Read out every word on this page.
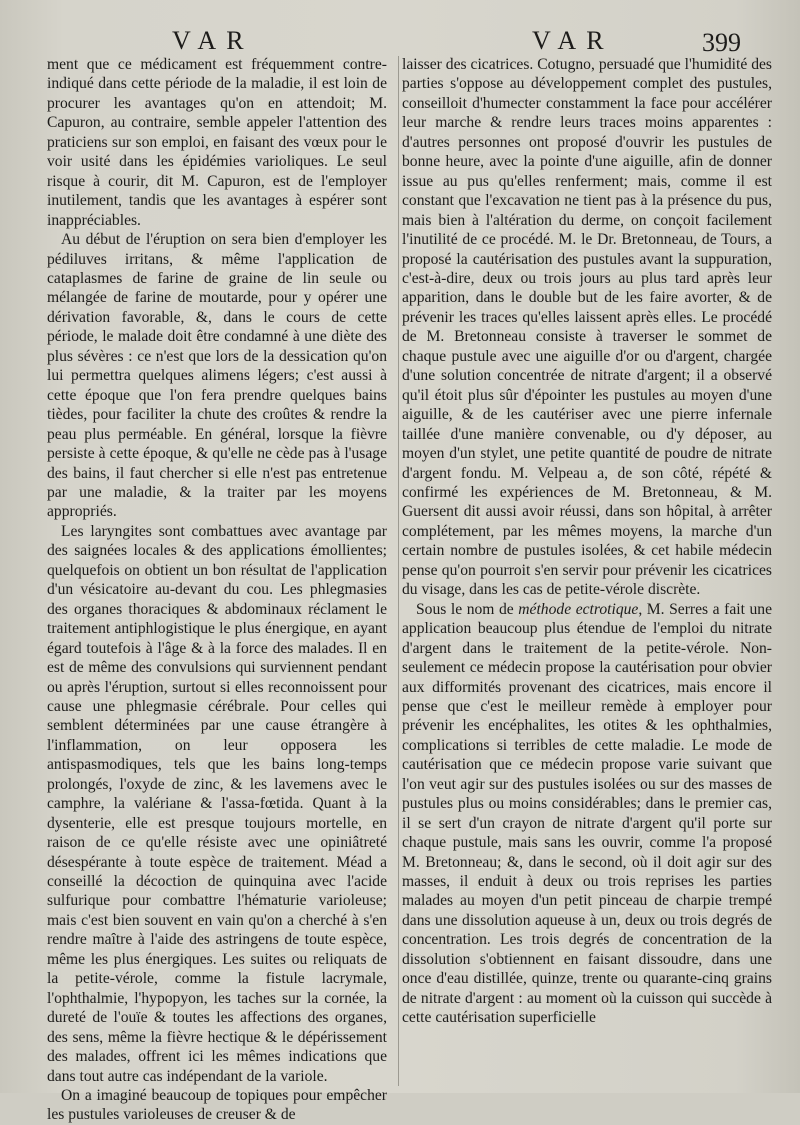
VAR	VAR	399

ment que ce médicament est fréquemment contre-indiqué dans cette période de la maladie, il est loin de procurer les avantages qu'on en attendoit; M. Capuron, au contraire, semble appeler l'attention des praticiens sur son emploi, en faisant des vœux pour le voir usité dans les épidémies varioliques. Le seul risque à courir, dit M. Capuron, est de l'employer inutilement, tandis que les avantages à espérer sont inappréciables.

Au début de l'éruption on sera bien d'employer les pédiluves irritans, & même l'application de cataplasmes de farine de graine de lin seule ou mélangée de farine de moutarde, pour y opérer une dérivation favorable, &, dans le cours de cette période, le malade doit être condamné à une diète des plus sévères : ce n'est que lors de la dessication qu'on lui permettra quelques alimens légers; c'est aussi à cette époque que l'on fera prendre quelques bains tièdes, pour faciliter la chute des croûtes & rendre la peau plus perméable. En général, lorsque la fièvre persiste à cette époque, & qu'elle ne cède pas à l'usage des bains, il faut chercher si elle n'est pas entretenue par une maladie, & la traiter par les moyens appropriés.

Les laryngites sont combattues avec avantage par des saignées locales & des applications émollientes; quelquefois on obtient un bon résultat de l'application d'un vésicatoire au-devant du cou. Les phlegmasies des organes thoraciques & abdominaux réclament le traitement antiphlogistique le plus énergique, en ayant égard toutefois à l'âge & à la force des malades. Il en est de même des convulsions qui surviennent pendant ou après l'éruption, surtout si elles reconnoissent pour cause une phlegmasie cérébrale. Pour celles qui semblent déterminées par une cause étrangère à l'inflammation, on leur opposera les antispasmodiques, tels que les bains long-temps prolongés, l'oxyde de zinc, & les lavemens avec le camphre, la valériane & l'assa-fœtida. Quant à la dysenterie, elle est presque toujours mortelle, en raison de ce qu'elle résiste avec une opiniâtreté désespérante à toute espèce de traitement. Méad a conseillé la décoction de quinquina avec l'acide sulfurique pour combattre l'hématurie varioleuse; mais c'est bien souvent en vain qu'on a cherché à s'en rendre maître à l'aide des astringens de toute espèce, même les plus énergiques. Les suites ou reliquats de la petite-vérole, comme la fistule lacrymale, l'ophthalmie, l'hypopyon, les taches sur la cornée, la dureté de l'ouïe & toutes les affections des organes, des sens, même la fièvre hectique & le dépérissement des malades, offrent ici les mêmes indications que dans tout autre cas indépendant de la variole.

On a imaginé beaucoup de topiques pour empêcher les pustules varioleuses de creuser & de

laisser des cicatrices. Cotugno, persuadé que l'humidité des parties s'oppose au développement complet des pustules, conseilloit d'humecter constamment la face pour accélérer leur marche & rendre leurs traces moins apparentes : d'autres personnes ont proposé d'ouvrir les pustules de bonne heure, avec la pointe d'une aiguille, afin de donner issue au pus qu'elles renferment; mais, comme il est constant que l'excavation ne tient pas à la présence du pus, mais bien à l'altération du derme, on conçoit facilement l'inutilité de ce procédé. M. le Dr. Bretonneau, de Tours, a proposé la cautérisation des pustules avant la suppuration, c'est-à-dire, deux ou trois jours au plus tard après leur apparition, dans le double but de les faire avorter, & de prévenir les traces qu'elles laissent après elles. Le procédé de M. Bretonneau consiste à traverser le sommet de chaque pustule avec une aiguille d'or ou d'argent, chargée d'une solution concentrée de nitrate d'argent; il a observé qu'il étoit plus sûr d'épointer les pustules au moyen d'une aiguille, & de les cautériser avec une pierre infernale taillée d'une manière convenable, ou d'y déposer, au moyen d'un stylet, une petite quantité de poudre de nitrate d'argent fondu. M. Velpeau a, de son côté, répété & confirmé les expériences de M. Bretonneau, & M. Guersent dit aussi avoir réussi, dans son hôpital, à arrêter complétement, par les mêmes moyens, la marche d'un certain nombre de pustules isolées, & cet habile médecin pense qu'on pourroit s'en servir pour prévenir les cicatrices du visage, dans les cas de petite-vérole discrète.

Sous le nom de méthode ectrotique, M. Serres a fait une application beaucoup plus étendue de l'emploi du nitrate d'argent dans le traitement de la petite-vérole. Non-seulement ce médecin propose la cautérisation pour obvier aux difformités provenant des cicatrices, mais encore il pense que c'est le meilleur remède à employer pour prévenir les encéphalites, les otites & les ophthalmies, complications si terribles de cette maladie. Le mode de cautérisation que ce médecin propose varie suivant que l'on veut agir sur des pustules isolées ou sur des masses de pustules plus ou moins considérables; dans le premier cas, il se sert d'un crayon de nitrate d'argent qu'il porte sur chaque pustule, mais sans les ouvrir, comme l'a proposé M. Bretonneau; &, dans le second, où il doit agir sur des masses, il enduit à deux ou trois reprises les parties malades au moyen d'un petit pinceau de charpie trempé dans une dissolution aqueuse à un, deux ou trois degrés de concentration. Les trois degrés de concentration de la dissolution s'obtiennent en faisant dissoudre, dans une once d'eau distillée, quinze, trente ou quarante-cinq grains de nitrate d'argent : au moment où la cuisson qui succède à cette cautérisation superficielle
